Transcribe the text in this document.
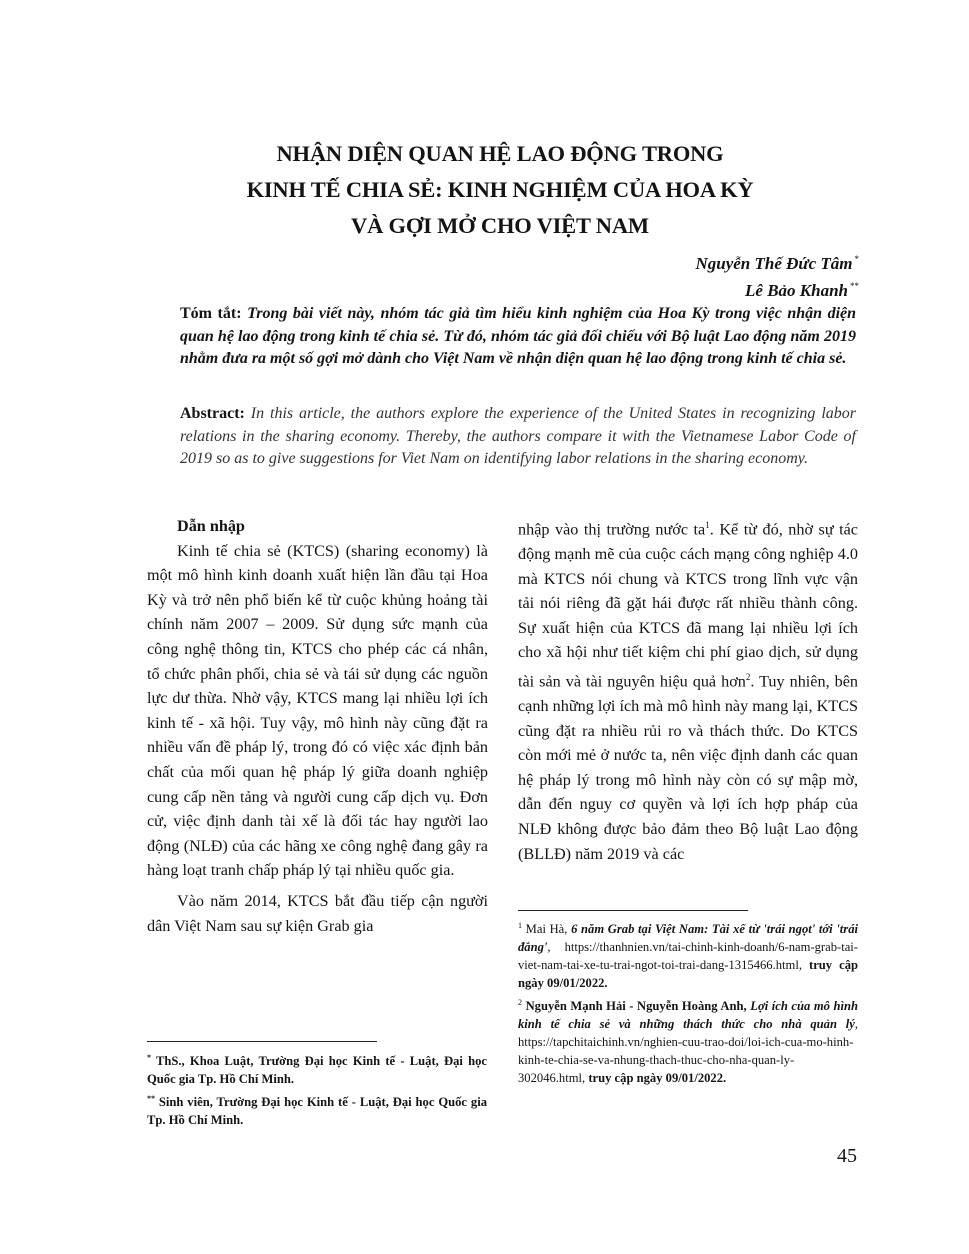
NHẬN DIỆN QUAN HỆ LAO ĐỘNG TRONG
KINH TẾ CHIA SẺ: KINH NGHIỆM CỦA HOA KỲ
VÀ GỢI MỞ CHO VIỆT NAM
Nguyễn Thế Đức Tâm *
Lê Bảo Khanh **
Tóm tắt: Trong bài viết này, nhóm tác giả tìm hiểu kinh nghiệm của Hoa Kỳ trong việc nhận diện quan hệ lao động trong kinh tế chia sẻ. Từ đó, nhóm tác giả đối chiếu với Bộ luật Lao động năm 2019 nhằm đưa ra một số gợi mở dành cho Việt Nam về nhận diện quan hệ lao động trong kinh tế chia sẻ.
Abstract: In this article, the authors explore the experience of the United States in recognizing labor relations in the sharing economy. Thereby, the authors compare it with the Vietnamese Labor Code of 2019 so as to give suggestions for Viet Nam on identifying labor relations in the sharing economy.

Dẫn nhập

Kinh tế chia sẻ (KTCS) (sharing economy) là một mô hình kinh doanh xuất hiện lần đầu tại Hoa Kỳ và trở nên phổ biến kể từ cuộc khủng hoảng tài chính năm 2007 – 2009. Sử dụng sức mạnh của công nghệ thông tin, KTCS cho phép các cá nhân, tổ chức phân phối, chia sẻ và tái sử dụng các nguồn lực dư thừa. Nhờ vậy, KTCS mang lại nhiều lợi ích kinh tế - xã hội. Tuy vậy, mô hình này cũng đặt ra nhiều vấn đề pháp lý, trong đó có việc xác định bản chất của mối quan hệ pháp lý giữa doanh nghiệp cung cấp nền tảng và người cung cấp dịch vụ. Đơn cử, việc định danh tài xế là đối tác hay người lao động (NLĐ) của các hãng xe công nghệ đang gây ra hàng loạt tranh chấp pháp lý tại nhiều quốc gia.

Vào năm 2014, KTCS bắt đầu tiếp cận người dân Việt Nam sau sự kiện Grab gia

nhập vào thị trường nước $ta^1$. Kể từ đó, nhờ sự tác động mạnh mẽ của cuộc cách mạng công nghiệp 4.0 mà KTCS nói chung và KTCS trong lĩnh vực vận tải nói riêng đã gặt hái được rất nhiều thành công. Sự xuất hiện của KTCS đã mang lại nhiều lợi ích cho xã hội như tiết kiệm chi phí giao dịch, sử dụng tài sản và tài nguyên hiệu quả hơn$^2$. Tuy nhiên, bên cạnh những lợi ích mà mô hình này mang lại, KTCS cũng đặt ra nhiều rủi ro và thách thức. Do KTCS còn mới mẻ ở nước ta, nên việc định danh các quan hệ pháp lý trong mô hình này còn có sự mập mờ, dẫn đến nguy cơ quyền và lợi ích hợp pháp của NLĐ không được bảo đảm theo Bộ luật Lao động (BLLĐ) năm 2019 và các

* ThS., Khoa Luật, Trường Đại học Kinh tế - Luật, Đại học Quốc gia Tp. Hồ Chí Minh.

** Sinh viên, Trường Đại học Kinh tế - Luật, Đại học Quốc gia Tp. Hồ Chí Minh.

$^1$ Mai Hà, 6 năm Grab tại Việt Nam: Tài xế từ 'trái ngọt' tới 'trái đắng', https://thanhnien.vn/tai-chinh-kinh-doanh/6-nam-grab-tai-viet-nam-tai-xe-tu-trai-ngot-toi-trai-dang-1315466.html, truy cập ngày 09/01/2022.

$^2$ Nguyễn Mạnh Hải - Nguyễn Hoàng Anh, Lợi ích của mô hình kinh tế chia sẻ và những thách thức cho nhà quản lý, https://tapchitaichinh.vn/nghien-cuu-trao-doi/loi-ich-cua-mo-hinh-kinh-te-chia-se-va-nhung-thach-thuc-cho-nha-quan-ly-302046.html, truy cập ngày 09/01/2022.

45
